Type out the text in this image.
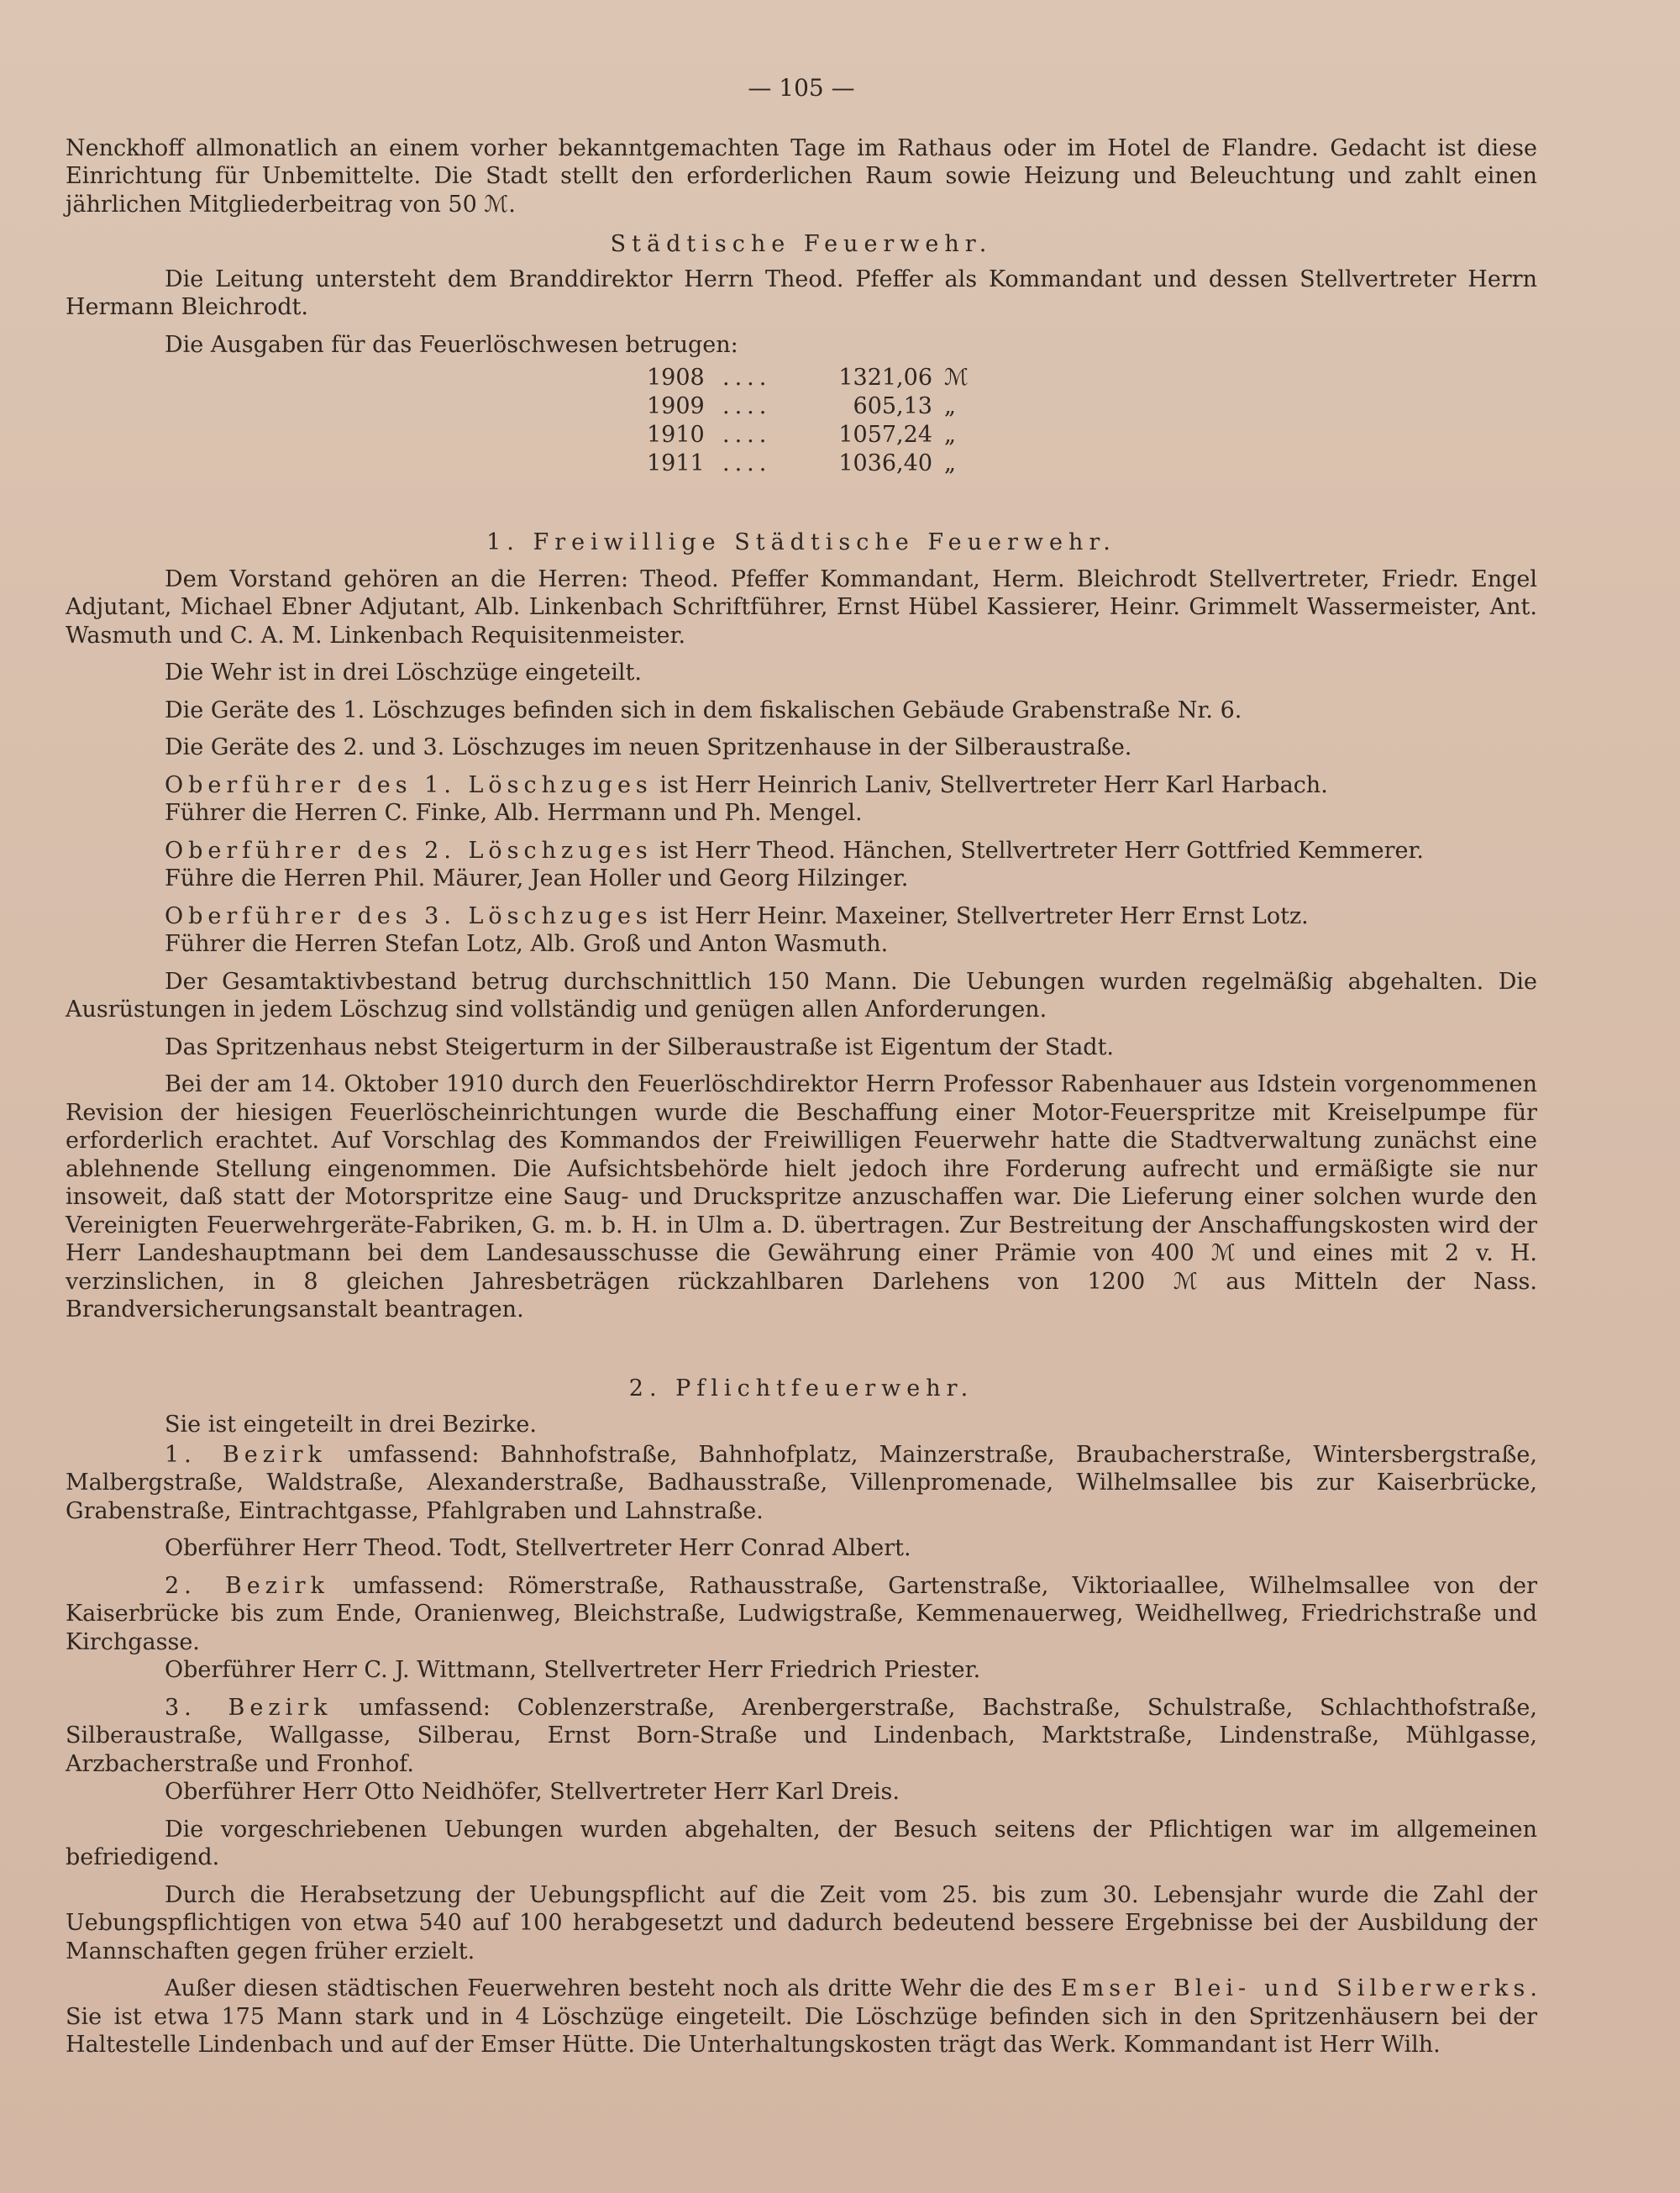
— 105 —

Nenckhoff allmonatlich an einem vorher bekanntgemachten Tage im Rathaus oder im Hotel de Flandre. Gedacht ist diese Einrichtung für Unbemittelte. Die Stadt stellt den erforderlichen Raum sowie Heizung und Beleuchtung und zahlt einen jährlichen Mitgliederbeitrag von 50 ℳ.

Städtische Feuerwehr.

Die Leitung untersteht dem Branddirektor Herrn Theod. Pfeffer als Kommandant und dessen Stellvertreter Herrn Hermann Bleichrodt.

Die Ausgaben für das Feuerlöschwesen betrugen:

1908 ....	1321,06 ℳ
1909 ....	605,13 „
1910 ....	1057,24 „
1911 ....	1036,40 „
1. Freiwillige Städtische Feuerwehr.

Dem Vorstand gehören an die Herren: Theod. Pfeffer Kommandant, Herm. Bleichrodt Stellvertreter, Friedr. Engel Adjutant, Michael Ebner Adjutant, Alb. Linkenbach Schriftführer, Ernst Hübel Kassierer, Heinr. Grimmelt Wassermeister, Ant. Wasmuth und C. A. M. Linkenbach Requisitenmeister.

Die Wehr ist in drei Löschzüge eingeteilt.

Die Geräte des 1. Löschzuges befinden sich in dem fiskalischen Gebäude Grabenstraße Nr. 6.

Die Geräte des 2. und 3. Löschzuges im neuen Spritzenhause in der Silberaustraße.

Oberführer des 1. Löschzuges ist Herr Heinrich Laniv, Stellvertreter Herr Karl Harbach.

Führer die Herren C. Finke, Alb. Herrmann und Ph. Mengel.

Oberführer des 2. Löschzuges ist Herr Theod. Hänchen, Stellvertreter Herr Gottfried Kemmerer.

Führe die Herren Phil. Mäurer, Jean Holler und Georg Hilzinger.

Oberführer des 3. Löschzuges ist Herr Heinr. Maxeiner, Stellvertreter Herr Ernst Lotz.

Führer die Herren Stefan Lotz, Alb. Groß und Anton Wasmuth.

Der Gesamtaktivbestand betrug durchschnittlich 150 Mann. Die Uebungen wurden regelmäßig abgehalten. Die Ausrüstungen in jedem Löschzug sind vollständig und genügen allen Anforderungen.

Das Spritzenhaus nebst Steigerturm in der Silberaustraße ist Eigentum der Stadt.

Bei der am 14. Oktober 1910 durch den Feuerlöschdirektor Herrn Professor Rabenhauer aus Idstein vorgenommenen Revision der hiesigen Feuerlöscheinrichtungen wurde die Beschaffung einer Motor-Feuerspritze mit Kreiselpumpe für erforderlich erachtet. Auf Vorschlag des Kommandos der Freiwilligen Feuerwehr hatte die Stadtverwaltung zunächst eine ablehnende Stellung eingenommen. Die Aufsichtsbehörde hielt jedoch ihre Forderung aufrecht und ermäßigte sie nur insoweit, daß statt der Motorspritze eine Saug- und Druckspritze anzuschaffen war. Die Lieferung einer solchen wurde den Vereinigten Feuerwehrgeräte-Fabriken, G. m. b. H. in Ulm a. D. übertragen. Zur Bestreitung der Anschaffungskosten wird der Herr Landeshauptmann bei dem Landesausschusse die Gewährung einer Prämie von 400 ℳ und eines mit 2 v. H. verzinslichen, in 8 gleichen Jahresbeträgen rückzahlbaren Darlehens von 1200 ℳ aus Mitteln der Nass. Brandversicherungsanstalt beantragen.

2. Pflichtfeuerwehr.

Sie ist eingeteilt in drei Bezirke.

1. Bezirk umfassend: Bahnhofstraße, Bahnhofplatz, Mainzerstraße, Braubacherstraße, Wintersbergstraße, Malbergstraße, Waldstraße, Alexanderstraße, Badhausstraße, Villenpromenade, Wilhelmsallee bis zur Kaiserbrücke, Grabenstraße, Eintrachtgasse, Pfahlgraben und Lahnstraße.

Oberführer Herr Theod. Todt, Stellvertreter Herr Conrad Albert.

2. Bezirk umfassend: Römerstraße, Rathausstraße, Gartenstraße, Viktoriaallee, Wilhelmsallee von der Kaiserbrücke bis zum Ende, Oranienweg, Bleichstraße, Ludwigstraße, Kemmenauerweg, Weidhellweg, Friedrichstraße und Kirchgasse.

Oberführer Herr C. J. Wittmann, Stellvertreter Herr Friedrich Priester.

3. Bezirk umfassend: Coblenzerstraße, Arenbergerstraße, Bachstraße, Schulstraße, Schlachthofstraße, Silberaustraße, Wallgasse, Silberau, Ernst Born-Straße und Lindenbach, Marktstraße, Lindenstraße, Mühlgasse, Arzbacherstraße und Fronhof.

Oberführer Herr Otto Neidhöfer, Stellvertreter Herr Karl Dreis.

Die vorgeschriebenen Uebungen wurden abgehalten, der Besuch seitens der Pflichtigen war im allgemeinen befriedigend.

Durch die Herabsetzung der Uebungspflicht auf die Zeit vom 25. bis zum 30. Lebensjahr wurde die Zahl der Uebungspflichtigen von etwa 540 auf 100 herabgesetzt und dadurch bedeutend bessere Ergebnisse bei der Ausbildung der Mannschaften gegen früher erzielt.

Außer diesen städtischen Feuerwehren besteht noch als dritte Wehr die des Emser Blei- und Silberwerks. Sie ist etwa 175 Mann stark und in 4 Löschzüge eingeteilt. Die Löschzüge befinden sich in den Spritzenhäusern bei der Haltestelle Lindenbach und auf der Emser Hütte. Die Unterhaltungskosten trägt das Werk. Kommandant ist Herr Wilh.
